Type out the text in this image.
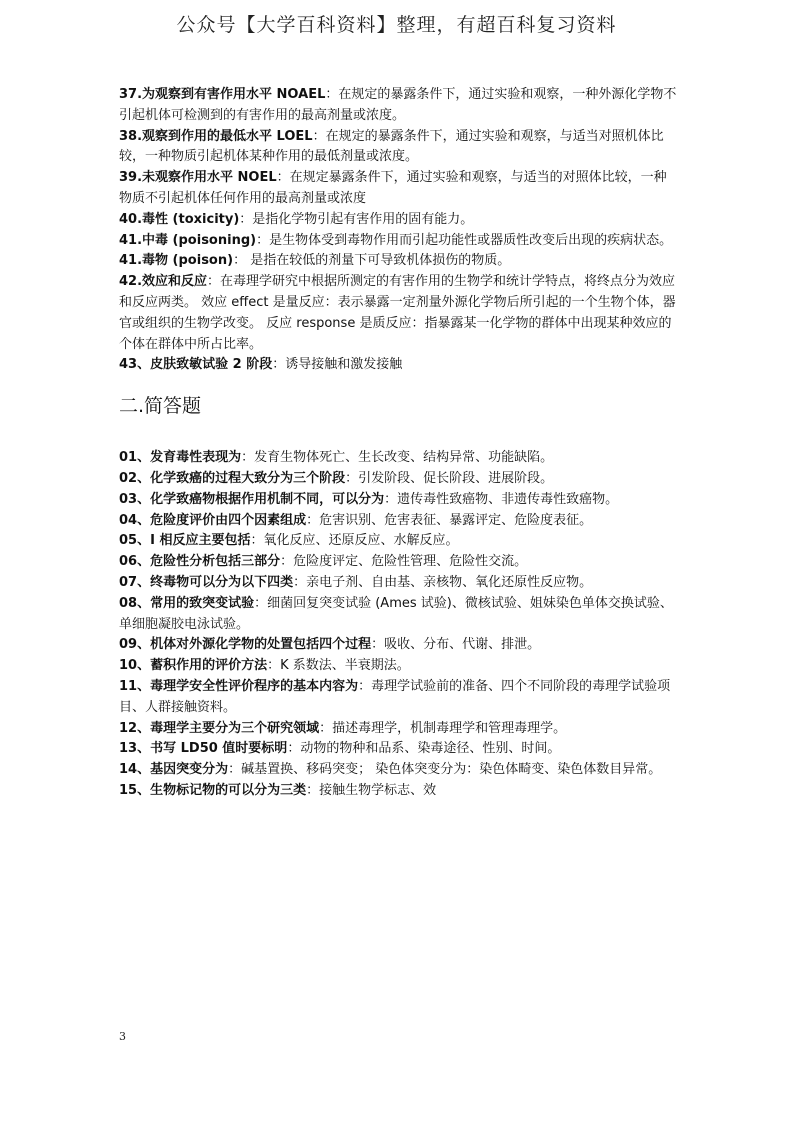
公众号【大学百科资料】整理，有超百科复习资料

37.为观察到有害作用水平 NOAEL：在规定的暴露条件下，通过实验和观察，一种外源化学物不引起机体可检测到的有害作用的最高剂量或浓度。

38.观察到作用的最低水平 LOEL：在规定的暴露条件下，通过实验和观察，与适当对照机体比较，一种物质引起机体某种作用的最低剂量或浓度。

39.未观察作用水平 NOEL：在规定暴露条件下，通过实验和观察，与适当的对照体比较，一种物质不引起机体任何作用的最高剂量或浓度

40.毒性 (toxicity)：是指化学物引起有害作用的固有能力。

41.中毒 (poisoning)：是生物体受到毒物作用而引起功能性或器质性改变后出现的疾病状态。

41.毒物 (poison)： 是指在较低的剂量下可导致机体损伤的物质。

42.效应和反应：在毒理学研究中根据所测定的有害作用的生物学和统计学特点，将终点分为效应和反应两类。 效应 effect 是量反应：表示暴露一定剂量外源化学物后所引起的一个生物个体，器官或组织的生物学改变。 反应 response 是质反应：指暴露某一化学物的群体中出现某种效应的个体在群体中所占比率。

43、皮肤致敏试验 2 阶段：诱导接触和激发接触

二.简答题

01、发育毒性表现为：发育生物体死亡、生长改变、结构异常、功能缺陷。

02、化学致癌的过程大致分为三个阶段：引发阶段、促长阶段、进展阶段。

03、化学致癌物根据作用机制不同，可以分为：遗传毒性致癌物、非遗传毒性致癌物。

04、危险度评价由四个因素组成：危害识别、危害表征、暴露评定、危险度表征。

05、I 相反应主要包括：氧化反应、还原反应、水解反应。

06、危险性分析包括三部分：危险度评定、危险性管理、危险性交流。

07、终毒物可以分为以下四类：亲电子剂、自由基、亲核物、氧化还原性反应物。

08、常用的致突变试验：细菌回复突变试验 (Ames 试验)、微核试验、姐妹染色单体交换试验、单细胞凝胶电泳试验。

09、机体对外源化学物的处置包括四个过程：吸收、分布、代谢、排泄。

10、蓄积作用的评价方法：K 系数法、半衰期法。

11、毒理学安全性评价程序的基本内容为：毒理学试验前的准备、四个不同阶段的毒理学试验项目、人群接触资料。

12、毒理学主要分为三个研究领域：描述毒理学，机制毒理学和管理毒理学。

13、书写 LD50 值时要标明：动物的物种和品系、染毒途径、性别、时间。

14、基因突变分为：碱基置换、移码突变； 染色体突变分为：染色体畸变、染色体数目异常。

15、生物标记物的可以分为三类：接触生物学标志、效

3
